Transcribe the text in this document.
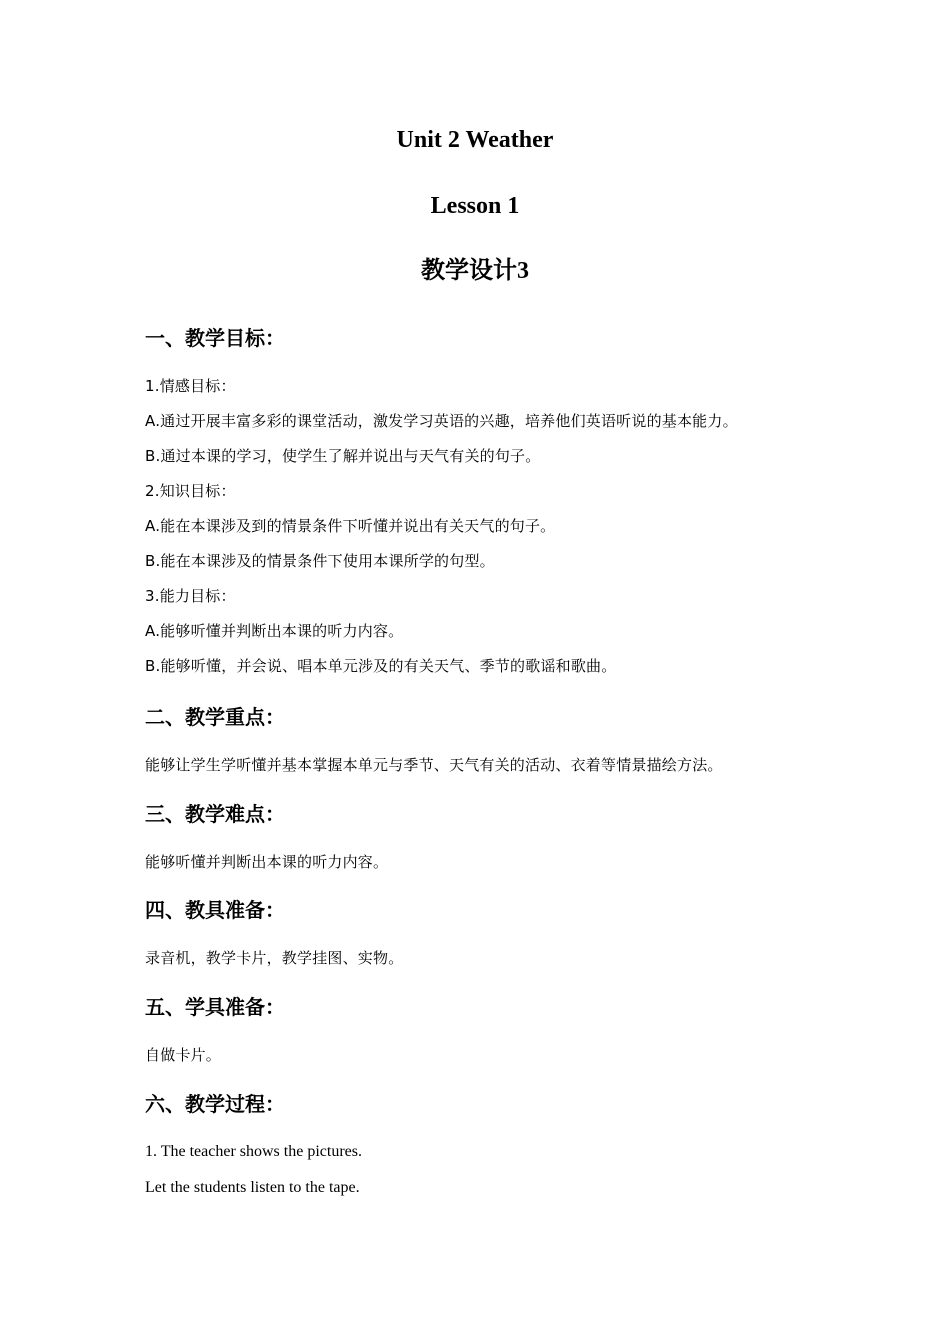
Unit 2 Weather
Lesson 1
教学设计3
一、教学目标：

1.情感目标：

A.通过开展丰富多彩的课堂活动，激发学习英语的兴趣，培养他们英语听说的基本能力。

B.通过本课的学习，使学生了解并说出与天气有关的句子。

2.知识目标：

A.能在本课涉及到的情景条件下听懂并说出有关天气的句子。

B.能在本课涉及的情景条件下使用本课所学的句型。

3.能力目标：

A.能够听懂并判断出本课的听力内容。

B.能够听懂，并会说、唱本单元涉及的有关天气、季节的歌谣和歌曲。

二、教学重点：

能够让学生学听懂并基本掌握本单元与季节、天气有关的活动、衣着等情景描绘方法。

三、教学难点：

能够听懂并判断出本课的听力内容。

四、教具准备：

录音机，教学卡片，教学挂图、实物。

五、学具准备：

自做卡片。

六、教学过程：

1. The teacher shows the pictures.

Let the students listen to the tape.
